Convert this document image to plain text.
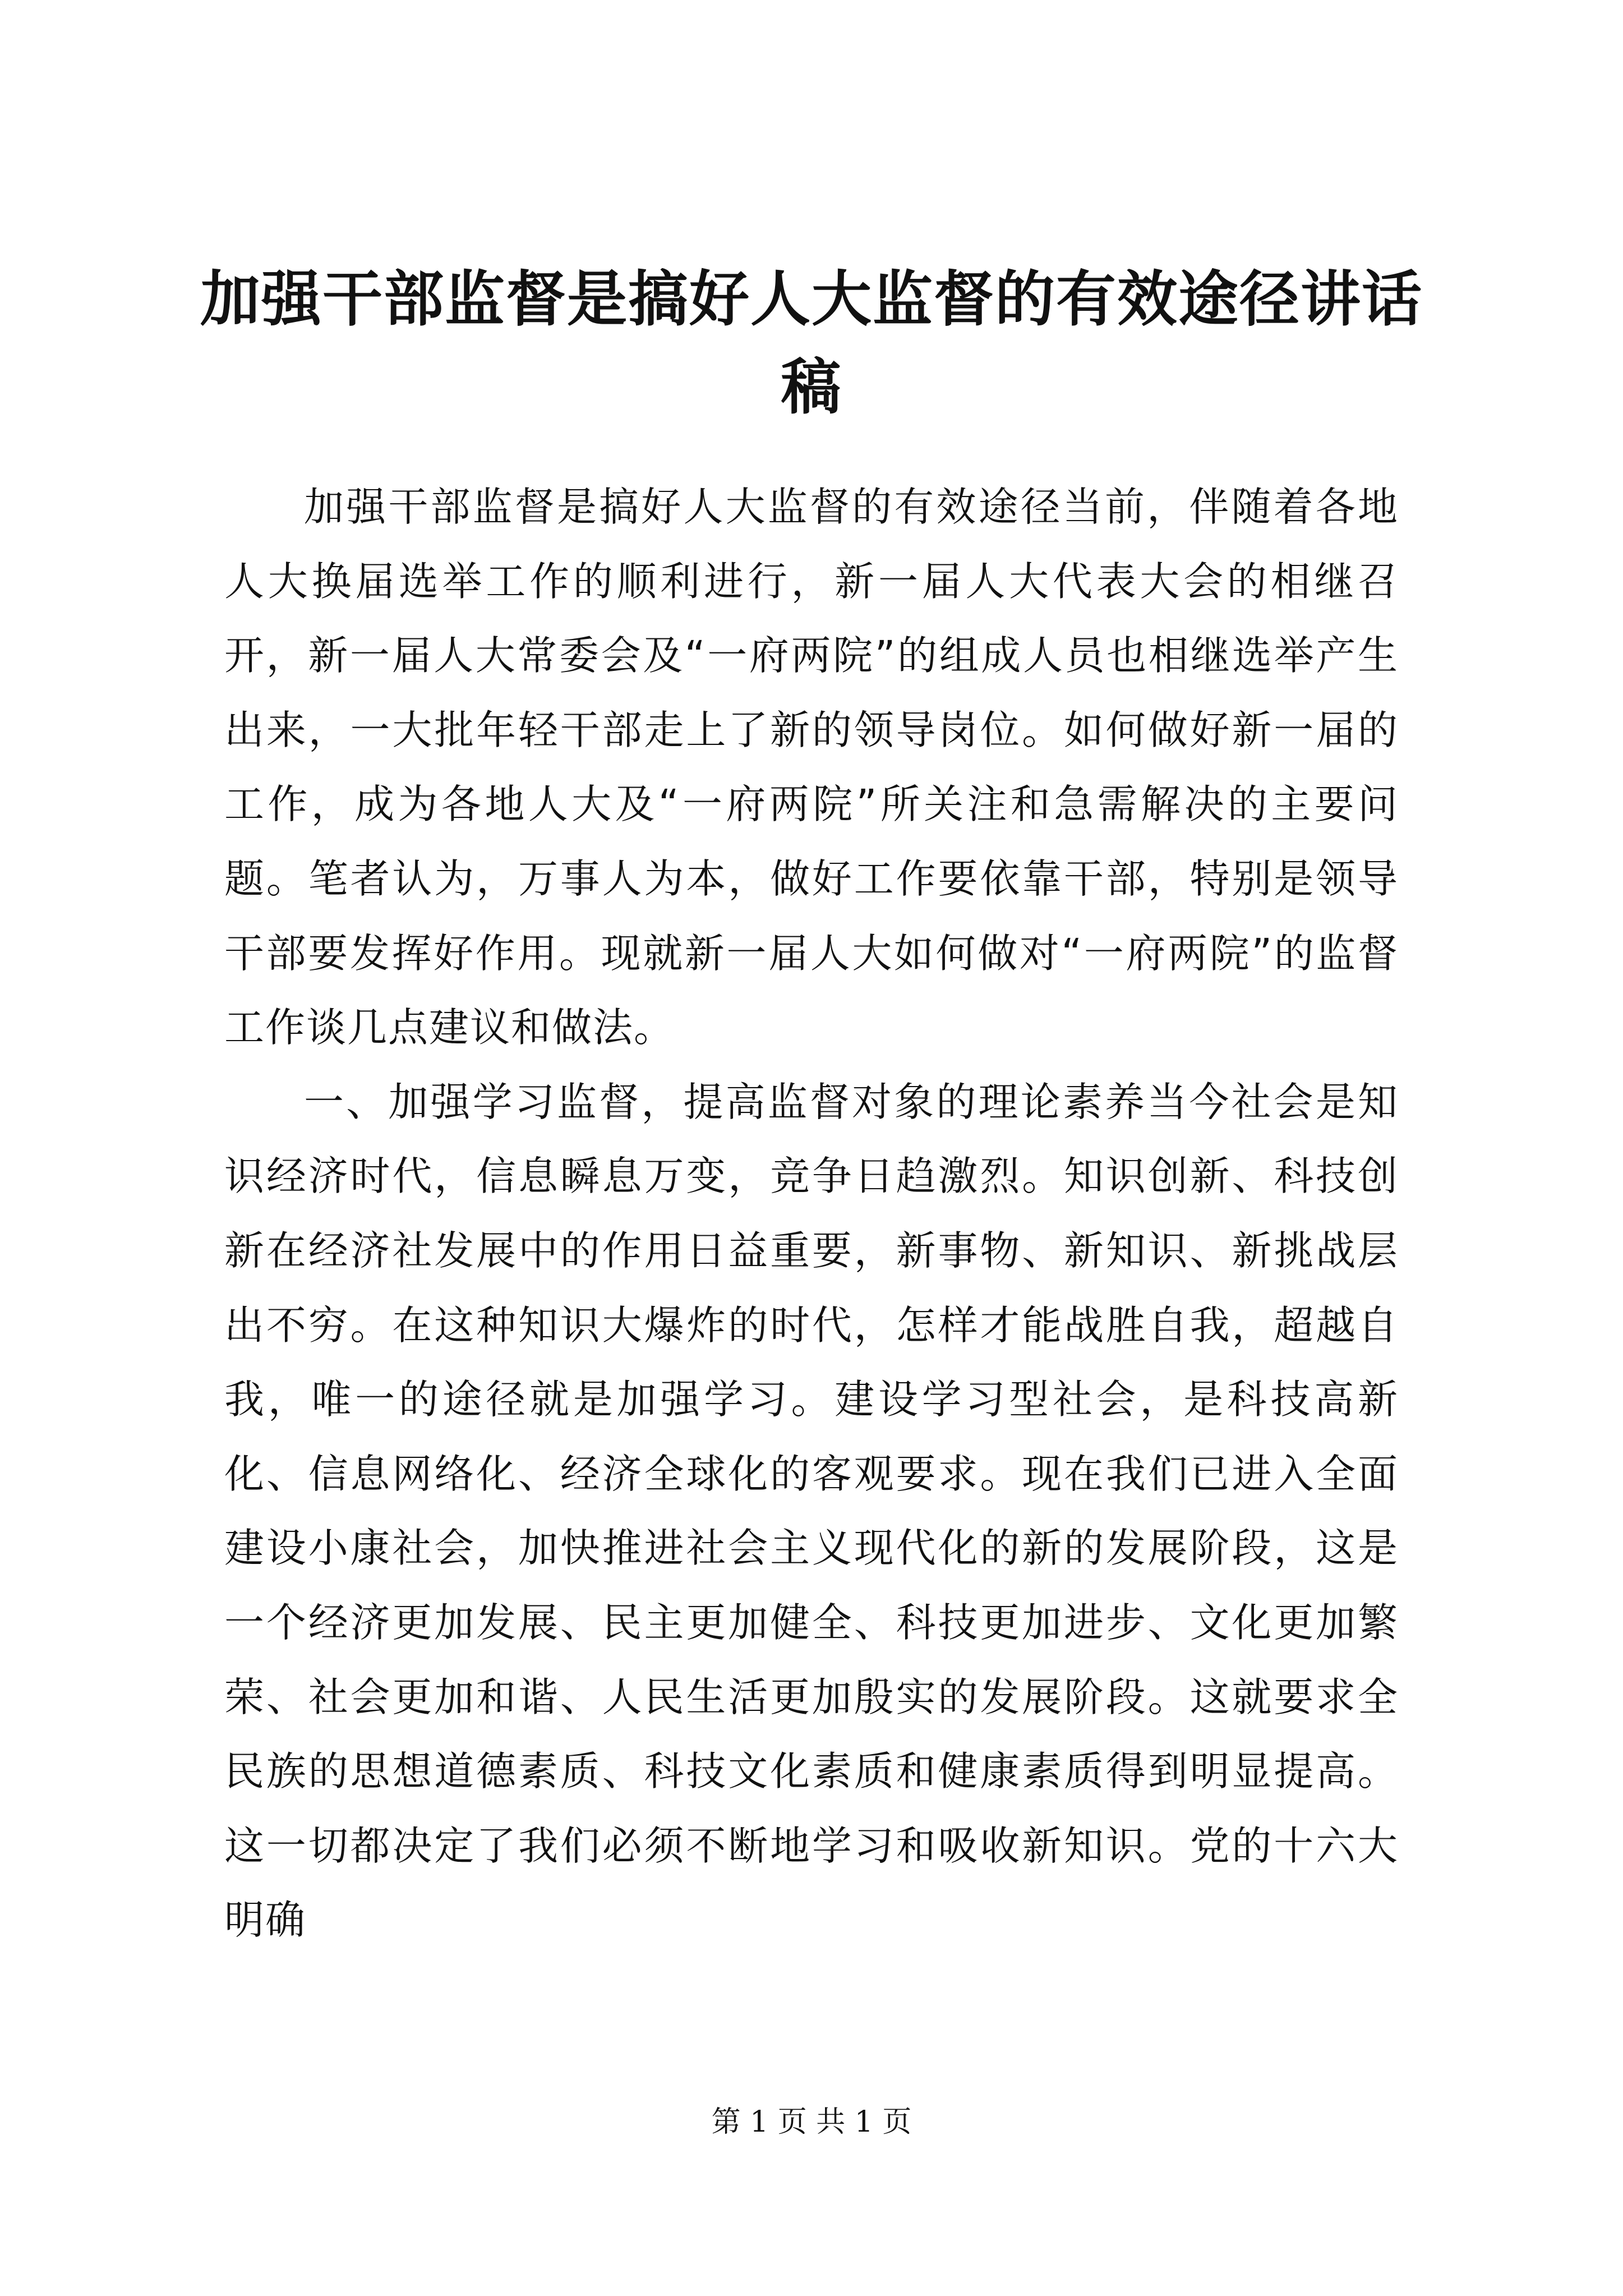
加强干部监督是搞好人大监督的有效途径讲话稿

加强干部监督是搞好人大监督的有效途径当前，伴随着各地人大换届选举工作的顺利进行，新一届人大代表大会的相继召开，新一届人大常委会及“一府两院”的组成人员也相继选举产生出来，一大批年轻干部走上了新的领导岗位。如何做好新一届的工作，成为各地人大及“一府两院”所关注和急需解决的主要问题。笔者认为，万事人为本，做好工作要依靠干部，特别是领导干部要发挥好作用。现就新一届人大如何做对“一府两院”的监督工作谈几点建议和做法。

一、加强学习监督，提高监督对象的理论素养当今社会是知识经济时代，信息瞬息万变，竞争日趋激烈。知识创新、科技创新在经济社发展中的作用日益重要，新事物、新知识、新挑战层出不穷。在这种知识大爆炸的时代，怎样才能战胜自我，超越自我，唯一的途径就是加强学习。建设学习型社会，是科技高新化、信息网络化、经济全球化的客观要求。现在我们已进入全面建设小康社会，加快推进社会主义现代化的新的发展阶段，这是一个经济更加发展、民主更加健全、科技更加进步、文化更加繁荣、社会更加和谐、人民生活更加殷实的发展阶段。这就要求全民族的思想道德素质、科技文化素质和健康素质得到明显提高。这一切都决定了我们必须不断地学习和吸收新知识。党的十六大明确

第 1 页 共 1 页
